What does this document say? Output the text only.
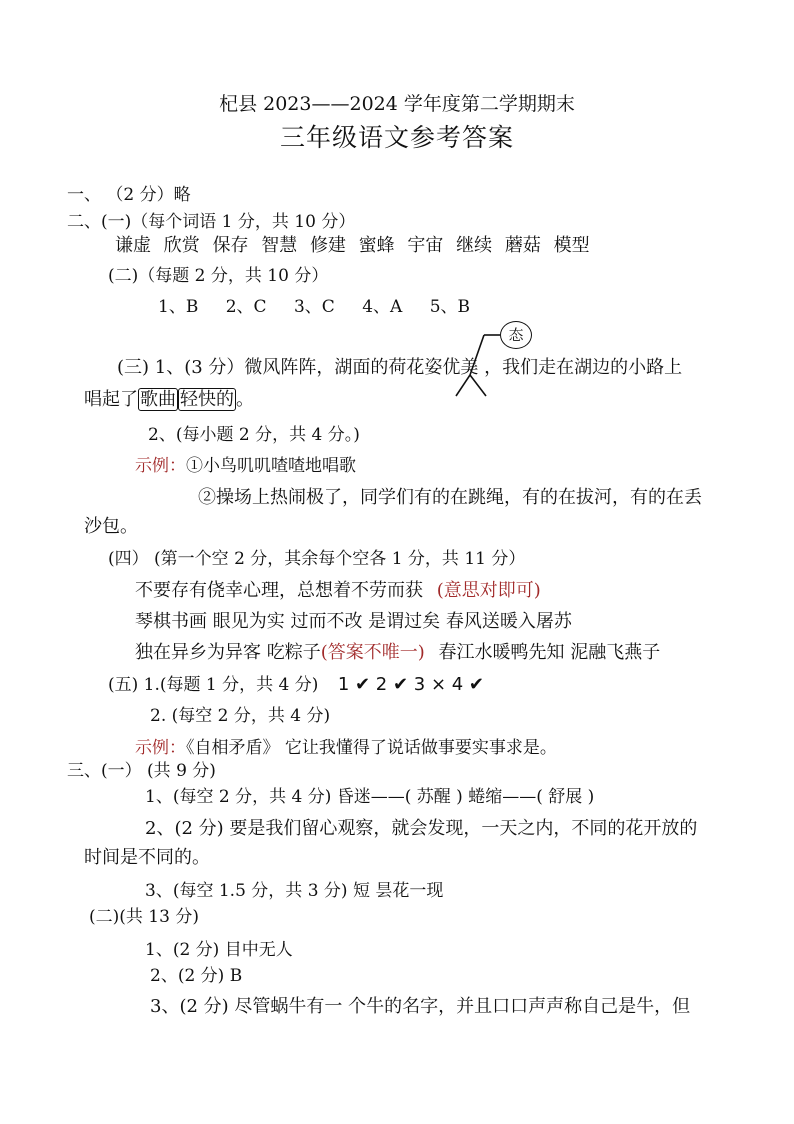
杞县 2023——2024 学年度第二学期期末
三年级语文参考答案
一、 （2 分）略
二、(一)（每个词语 1 分，共 10 分）
谦虚 欣赏 保存 智慧 修建 蜜蜂 宇宙 继续 蘑菇 模型
(二)（每题 2 分，共 10 分）
1、B 2、C 3、C 4、A 5、B
态
(三) 1、(3 分）微风阵阵，湖面的荷花姿优美 ，我们走在湖边的小路上
唱起了 歌曲 轻快的 。
2、(每小题 2 分，共 4 分。)
示例：①小鸟叽叽喳喳地唱歌
②操场上热闹极了，同学们有的在跳绳，有的在拔河，有的在丢
沙包。
(四） (第一个空 2 分，其余每个空各 1 分，共 11 分）
不要存有侥幸心理，总想着不劳而获 (意思对即可)
琴棋书画 眼见为实 过而不改 是谓过矣 春风送暖入屠苏
独在异乡为异客 吃粽子(答案不唯一) 春江水暖鸭先知 泥融飞燕子
(五) 1.(每题 1 分，共 4 分) 1 ✔ 2 ✔ 3 × 4 ✔
2. (每空 2 分，共 4 分)
示例：《自相矛盾》 它让我懂得了说话做事要实事求是。
三、(一） (共 9 分)
1、(每空 2 分，共 4 分) 昏迷——( 苏醒 ) 蜷缩——( 舒展 )
2、(2 分) 要是我们留心观察，就会发现，一天之内，不同的花开放的
时间是不同的。
3、(每空 1.5 分，共 3 分) 短 昙花一现
(二)(共 13 分)
1、(2 分) 目中无人
2、(2 分) B
3、(2 分) 尽管蜗牛有一 个牛的名字，并且口口声声称自己是牛，但
